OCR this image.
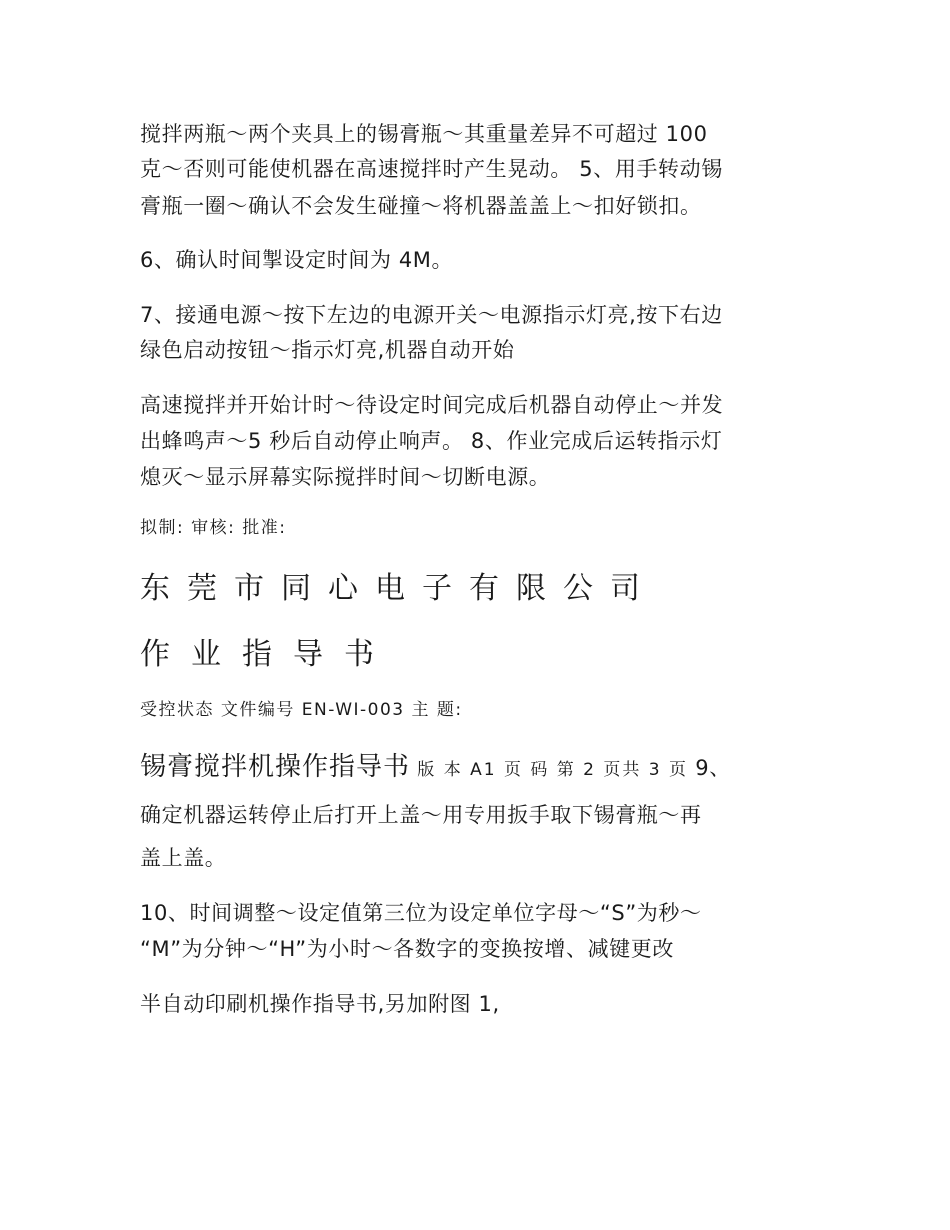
搅拌两瓶～两个夹具上的锡膏瓶～其重量差异不可超过 100
克～否则可能使机器在高速搅拌时产生晃动。 5、用手转动锡
膏瓶一圈～确认不会发生碰撞～将机器盖盖上～扣好锁扣。
6、确认时间掣设定时间为 4M。
7、接通电源～按下左边的电源开关～电源指示灯亮,按下右边
绿色启动按钮～指示灯亮,机器自动开始
高速搅拌并开始计时～待设定时间完成后机器自动停止～并发
出蜂鸣声～5 秒后自动停止响声。 8、作业完成后运转指示灯
熄灭～显示屏幕实际搅拌时间～切断电源。
拟制: 审核: 批准:
东莞市同心电子有限公司
作业指导书
受控状态 文件编号 EN-WI-003 主 题:
锡膏搅拌机操作指导书 版 本 A1 页 码 第 2 页共 3 页 9、
确定机器运转停止后打开上盖～用专用扳手取下锡膏瓶～再
盖上盖。
10、时间调整～设定值第三位为设定单位字母～“S”为秒～
“M”为分钟～“H”为小时～各数字的变换按增、减键更改
半自动印刷机操作指导书,另加附图 1,
